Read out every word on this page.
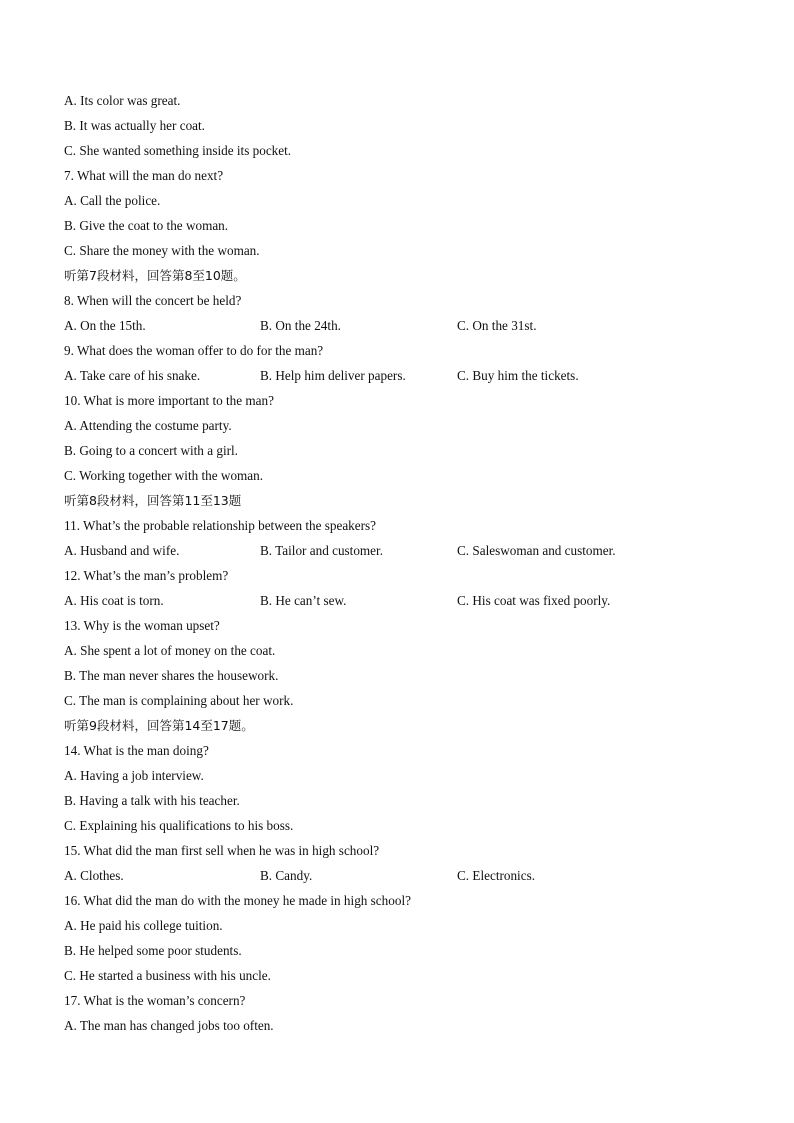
A. Its color was great.
B. It was actually her coat.
C. She wanted something inside its pocket.
7. What will the man do next?
A. Call the police.
B. Give the coat to the woman.
C. Share the money with the woman.
听第7段材料，回答第8至10题。
8. When will the concert be held?
A. On the 15th.	B. On the 24th.	C. On the 31st.
9. What does the woman offer to do for the man?
A. Take care of his snake.	B. Help him deliver papers.	C. Buy him the tickets.
10. What is more important to the man?
A. Attending the costume party.
B. Going to a concert with a girl.
C. Working together with the woman.
听第8段材料，回答第11至13题
11. What’s the probable relationship between the speakers?
A. Husband and wife.	B. Tailor and customer.	C. Saleswoman and customer.
12. What’s the man’s problem?
A. His coat is torn.	B. He can’t sew.	C. His coat was fixed poorly.
13. Why is the woman upset?
A. She spent a lot of money on the coat.
B. The man never shares the housework.
C. The man is complaining about her work.
听第9段材料，回答第14至17题。
14. What is the man doing?
A. Having a job interview.
B. Having a talk with his teacher.
C. Explaining his qualifications to his boss.
15. What did the man first sell when he was in high school?
A. Clothes.	B. Candy.	C. Electronics.
16. What did the man do with the money he made in high school?
A. He paid his college tuition.
B. He helped some poor students.
C. He started a business with his uncle.
17. What is the woman’s concern?
A. The man has changed jobs too often.
